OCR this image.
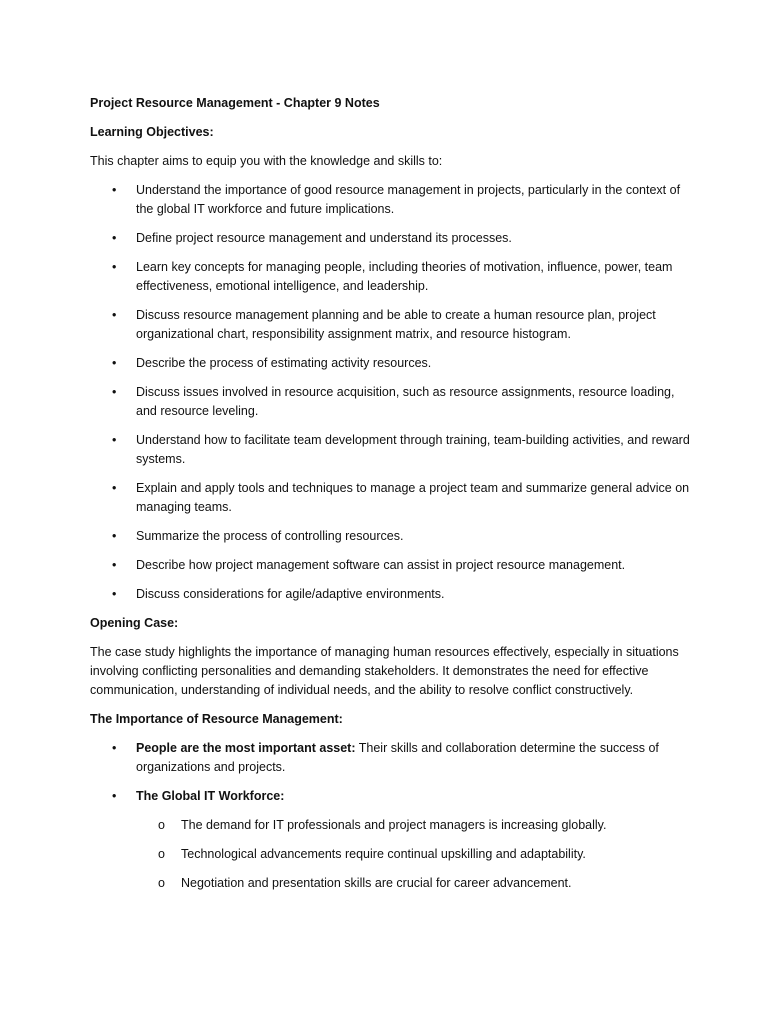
Project Resource Management - Chapter 9 Notes

Learning Objectives:

This chapter aims to equip you with the knowledge and skills to:

• Understand the importance of good resource management in projects, particularly in the context of the global IT workforce and future implications.
• Define project resource management and understand its processes.
• Learn key concepts for managing people, including theories of motivation, influence, power, team effectiveness, emotional intelligence, and leadership.
• Discuss resource management planning and be able to create a human resource plan, project organizational chart, responsibility assignment matrix, and resource histogram.
• Describe the process of estimating activity resources.
• Discuss issues involved in resource acquisition, such as resource assignments, resource loading, and resource leveling.
• Understand how to facilitate team development through training, team-building activities, and reward systems.
• Explain and apply tools and techniques to manage a project team and summarize general advice on managing teams.
• Summarize the process of controlling resources.
• Describe how project management software can assist in project resource management.
• Discuss considerations for agile/adaptive environments.

Opening Case:

The case study highlights the importance of managing human resources effectively, especially in situations involving conflicting personalities and demanding stakeholders. It demonstrates the need for effective communication, understanding of individual needs, and the ability to resolve conflict constructively.

The Importance of Resource Management:

• People are the most important asset: Their skills and collaboration determine the success of organizations and projects.
• The Global IT Workforce:
o The demand for IT professionals and project managers is increasing globally.
o Technological advancements require continual upskilling and adaptability.
o Negotiation and presentation skills are crucial for career advancement.
